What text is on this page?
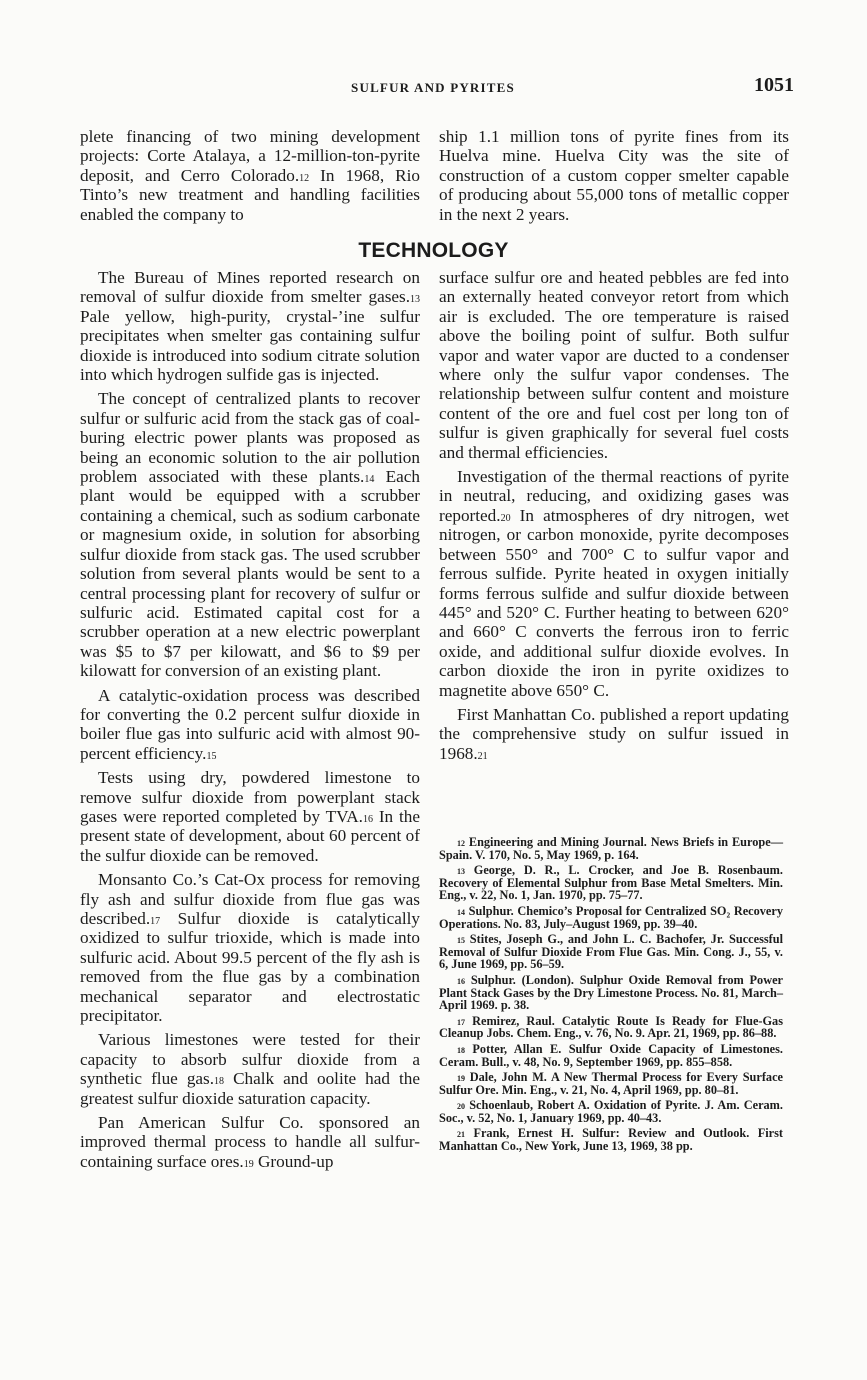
SULFUR AND PYRITES	1051

plete financing of two mining development projects: Corte Atalaya, a 12-million-ton-pyrite deposit, and Cerro Colorado.12 In 1968, Rio Tinto’s new treatment and handling facilities enabled the company to

ship 1.1 million tons of pyrite fines from its Huelva mine. Huelva City was the site of construction of a custom copper smelter capable of producing about 55,000 tons of metallic copper in the next 2 years.

TECHNOLOGY

The Bureau of Mines reported research on removal of sulfur dioxide from smelter gases.13 Pale yellow, high-purity, crystal-’ine sulfur precipitates when smelter gas containing sulfur dioxide is introduced into sodium citrate solution into which hydrogen sulfide gas is injected.

The concept of centralized plants to recover sulfur or sulfuric acid from the stack gas of coal-buring electric power plants was proposed as being an economic solution to the air pollution problem associated with these plants.14 Each plant would be equipped with a scrubber containing a chemical, such as sodium carbonate or magnesium oxide, in solution for absorbing sulfur dioxide from stack gas. The used scrubber solution from several plants would be sent to a central processing plant for recovery of sulfur or sulfuric acid. Estimated capital cost for a scrubber operation at a new electric powerplant was $5 to $7 per kilowatt, and $6 to $9 per kilowatt for conversion of an existing plant.

A catalytic-oxidation process was described for converting the 0.2 percent sulfur dioxide in boiler flue gas into sulfuric acid with almost 90-percent efficiency.15

Tests using dry, powdered limestone to remove sulfur dioxide from powerplant stack gases were reported completed by TVA.16 In the present state of development, about 60 percent of the sulfur dioxide can be removed.

Monsanto Co.’s Cat-Ox process for removing fly ash and sulfur dioxide from flue gas was described.17 Sulfur dioxide is catalytically oxidized to sulfur trioxide, which is made into sulfuric acid. About 99.5 percent of the fly ash is removed from the flue gas by a combination mechanical separator and electrostatic precipitator.

Various limestones were tested for their capacity to absorb sulfur dioxide from a synthetic flue gas.18 Chalk and oolite had the greatest sulfur dioxide saturation capacity.

Pan American Sulfur Co. sponsored an improved thermal process to handle all sulfur-containing surface ores.19 Ground-up

surface sulfur ore and heated pebbles are fed into an externally heated conveyor retort from which air is excluded. The ore temperature is raised above the boiling point of sulfur. Both sulfur vapor and water vapor are ducted to a condenser where only the sulfur vapor condenses. The relationship between sulfur content and moisture content of the ore and fuel cost per long ton of sulfur is given graphically for several fuel costs and thermal efficiencies.

Investigation of the thermal reactions of pyrite in neutral, reducing, and oxidizing gases was reported.20 In atmospheres of dry nitrogen, wet nitrogen, or carbon monoxide, pyrite decomposes between 550° and 700° C to sulfur vapor and ferrous sulfide. Pyrite heated in oxygen initially forms ferrous sulfide and sulfur dioxide between 445° and 520° C. Further heating to between 620° and 660° C converts the ferrous iron to ferric oxide, and additional sulfur dioxide evolves. In carbon dioxide the iron in pyrite oxidizes to magnetite above 650° C.

First Manhattan Co. published a report updating the comprehensive study on sulfur issued in 1968.21

12 Engineering and Mining Journal. News Briefs in Europe—Spain. V. 170, No. 5, May 1969, p. 164.

13 George, D. R., L. Crocker, and Joe B. Rosenbaum. Recovery of Elemental Sulphur from Base Metal Smelters. Min. Eng., v. 22, No. 1, Jan. 1970, pp. 75–77.

14 Sulphur. Chemico’s Proposal for Centralized SO₂ Recovery Operations. No. 83, July–August 1969, pp. 39–40.

15 Stites, Joseph G., and John L. C. Bachofer, Jr. Successful Removal of Sulfur Dioxide From Flue Gas. Min. Cong. J., 55, v. 6, June 1969, pp. 56–59.

16 Sulphur. (London). Sulphur Oxide Removal from Power Plant Stack Gases by the Dry Limestone Process. No. 81, March–April 1969. p. 38.

17 Remirez, Raul. Catalytic Route Is Ready for Flue-Gas Cleanup Jobs. Chem. Eng., v. 76, No. 9. Apr. 21, 1969, pp. 86–88.

18 Potter, Allan E. Sulfur Oxide Capacity of Limestones. Ceram. Bull., v. 48, No. 9, September 1969, pp. 855–858.

19 Dale, John M. A New Thermal Process for Every Surface Sulfur Ore. Min. Eng., v. 21, No. 4, April 1969, pp. 80–81.

20 Schoenlaub, Robert A. Oxidation of Pyrite. J. Am. Ceram. Soc., v. 52, No. 1, January 1969, pp. 40–43.

21 Frank, Ernest H. Sulfur: Review and Outlook. First Manhattan Co., New York, June 13, 1969, 38 pp.
